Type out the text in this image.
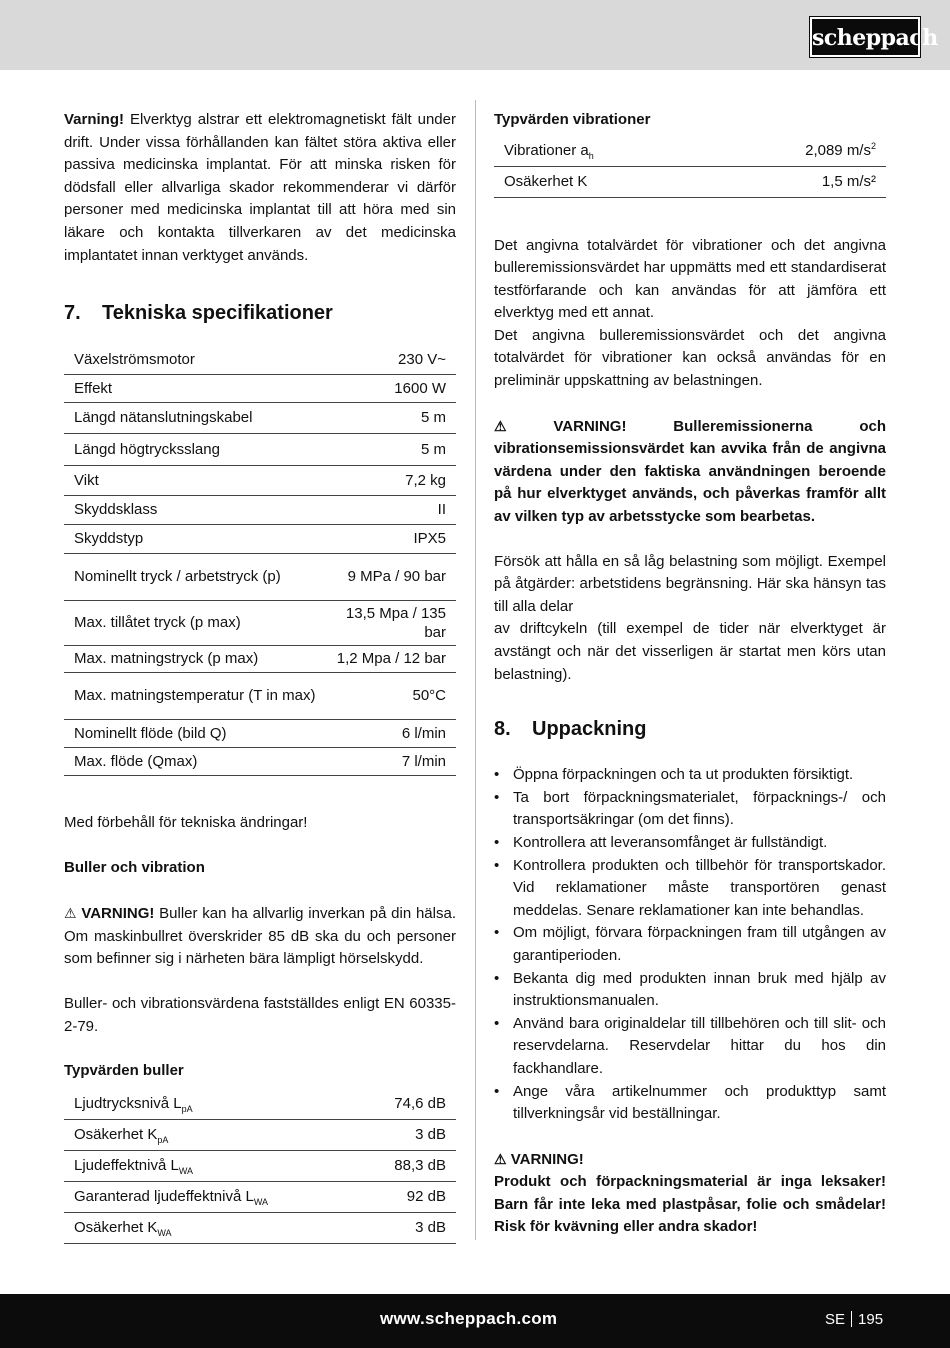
scheppach

Varning! Elverktyg alstrar ett elektromagnetiskt fält under drift. Under vissa förhållanden kan fältet störa aktiva eller passiva medicinska implantat. För att minska risken för dödsfall eller allvarliga skador rekommenderar vi därför personer med medicinska implantat till att höra med sin läkare och kontakta tillverkaren av det medicinska implantatet innan verktyget används.

7. Tekniska specifikationer
Växelströmsmotor	230 V~
Effekt	1600 W
Längd nätanslutningskabel	5 m
Längd högtrycksslang	5 m
Vikt	7,2 kg
Skyddsklass	II
Skyddstyp	IPX5
Nominellt tryck / arbetstryck (p)	9 MPa / 90 bar
Max. tillåtet tryck (p max)	13,5 Mpa / 135 bar
Max. matningstryck (p max)	1,2 Mpa / 12 bar
Max. matningstemperatur (T in max)	50°C
Nominellt flöde (bild Q)	6 l/min
Max. flöde (Qmax)	7 l/min

Med förbehåll för tekniska ändringar!

Buller och vibration

⚠ VARNING! Buller kan ha allvarlig inverkan på din hälsa. Om maskinbullret överskrider 85 dB ska du och personer som befinner sig i närheten bära lämpligt hörselskydd.

Buller- och vibrationsvärdena fastställdes enligt EN 60335-2-79.

Typvärden buller
Ljudtrycksnivå $L_{pA}$	74,6 dB
Osäkerhet $K_{pA}$	3 dB
Ljudeffektnivå $L_{WA}$	88,3 dB
Garanterad ljudeffektnivå $L_{WA}$	92 dB
Osäkerhet $K_{WA}$	3 dB
Typvärden vibrationer
Vibrationer $a_h$	2,089 $m/s^2$
Osäkerhet K	1,5 m/s²

Det angivna totalvärdet för vibrationer och det angivna bulleremissionsvärdet har uppmätts med ett standardiserat testförfarande och kan användas för att jämföra ett elverktyg med ett annat.

Det angivna bulleremissionsvärdet och det angivna totalvärdet för vibrationer kan också användas för en preliminär uppskattning av belastningen.

⚠	VARNING! Bulleremissionerna och vibrationsemissionsvärdet kan avvika från de angivna värdena under den faktiska användningen beroende på hur elverktyget används, och påverkas framför allt av vilken typ av arbetsstycke som bearbetas.

Försök att hålla en så låg belastning som möjligt. Exempel på åtgärder: arbetstidens begränsning. Här ska hänsyn tas till alla delar

av driftcykeln (till exempel de tider när elverktyget är avstängt och när det visserligen är startat men körs utan belastning).

8. Uppackning
• Öppna förpackningen och ta ut produkten försiktigt.
• Ta bort förpackningsmaterialet, förpacknings-/ och transportsäkringar (om det finns).
• Kontrollera att leveransomfånget är fullständigt.
• Kontrollera produkten och tillbehör för transportskador. Vid reklamationer måste transportören genast meddelas. Senare reklamationer kan inte behandlas.
• Om möjligt, förvara förpackningen fram till utgången av garantiperioden.
• Bekanta dig med produkten innan bruk med hjälp av instruktionsmanualen.
• Använd bara originaldelar till tillbehören och till slit- och reservdelarna. Reservdelar hittar du hos din fackhandlare.
• Ange våra artikelnummer och produkttyp samt tillverkningsår vid beställningar.

⚠ VARNING!

Produkt och förpackningsmaterial är inga leksaker! Barn får inte leka med plastpåsar, folie och smådelar! Risk för kvävning eller andra skador!

www.scheppach.com	SE 195
